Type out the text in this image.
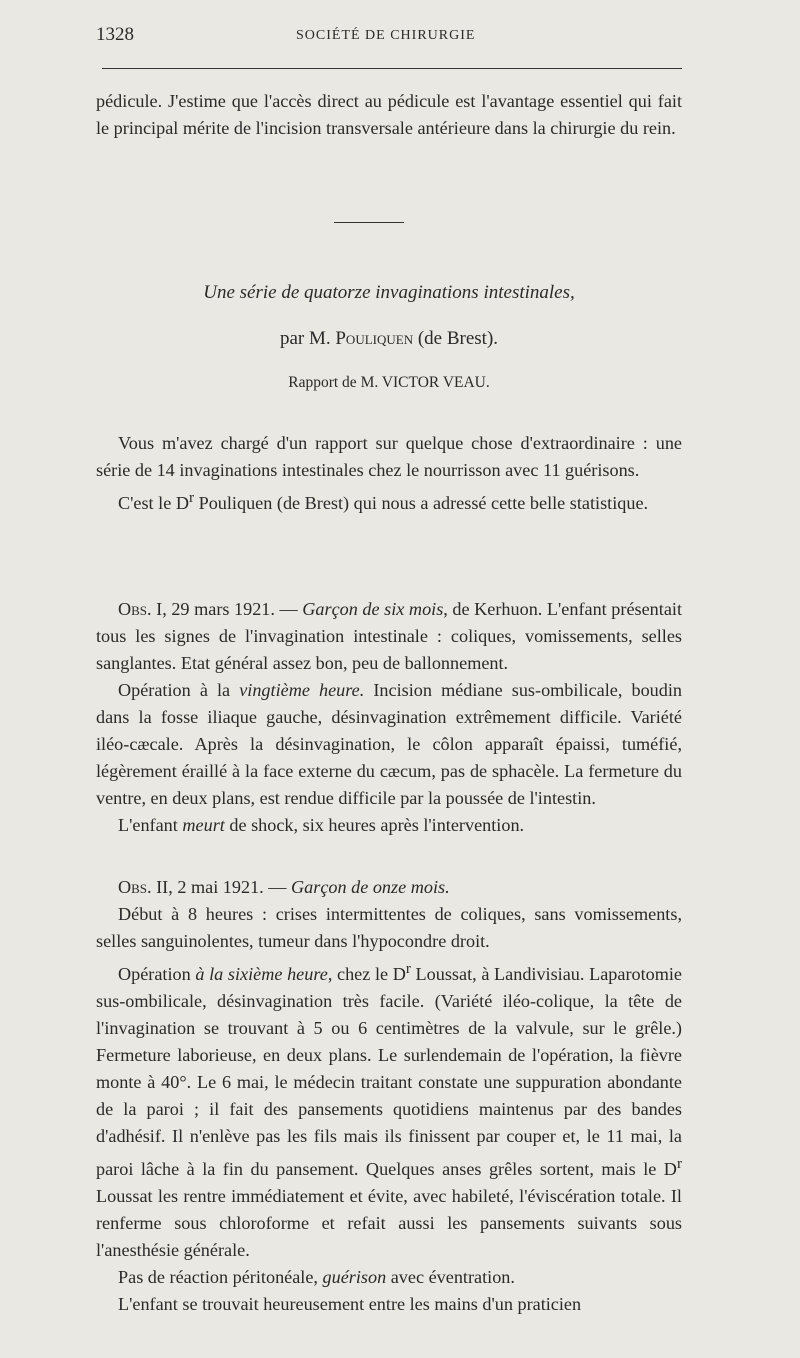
1328	SOCIÉTÉ DE CHIRURGIE

pédicule. J'estime que l'accès direct au pédicule est l'avantage essentiel qui fait le principal mérite de l'incision transversale antérieure dans la chirurgie du rein.

Une série de quatorze invaginations intestinales,
par M. Pouliquen (de Brest).
Rapport de M. VICTOR VEAU.

Vous m'avez chargé d'un rapport sur quelque chose d'extraordinaire : une série de 14 invaginations intestinales chez le nourrisson avec 11 guérisons.

C'est le $D^r$ Pouliquen (de Brest) qui nous a adressé cette belle statistique.

Obs. I, 29 mars 1921. — Garçon de six mois, de Kerhuon. L'enfant présentait tous les signes de l'invagination intestinale : coliques, vomissements, selles sanglantes. Etat général assez bon, peu de ballonnement.

Opération à la vingtième heure. Incision médiane sus-ombilicale, boudin dans la fosse iliaque gauche, désinvagination extrêmement difficile. Variété iléo-cæcale. Après la désinvagination, le côlon apparaît épaissi, tuméfié, légèrement éraillé à la face externe du cæcum, pas de sphacèle. La fermeture du ventre, en deux plans, est rendue difficile par la poussée de l'intestin.

L'enfant meurt de shock, six heures après l'intervention.

Obs. II, 2 mai 1921. — Garçon de onze mois.

Début à 8 heures : crises intermittentes de coliques, sans vomissements, selles sanguinolentes, tumeur dans l'hypocondre droit.

Opération à la sixième heure, chez le $D^r$ Loussat, à Landivisiau. Laparotomie sus-ombilicale, désinvagination très facile. (Variété iléo-colique, la tête de l'invagination se trouvant à 5 ou 6 centimètres de la valvule, sur le grêle.) Fermeture laborieuse, en deux plans. Le surlendemain de l'opération, la fièvre monte à 40°. Le 6 mai, le médecin traitant constate une suppuration abondante de la paroi ; il fait des pansements quotidiens maintenus par des bandes d'adhésif. Il n'enlève pas les fils mais ils finissent par couper et, le 11 mai, la paroi lâche à la fin du pansement. Quelques anses grêles sortent, mais le $D^r$ Loussat les rentre immédiatement et évite, avec habileté, l'éviscération totale. Il renferme sous chloroforme et refait aussi les pansements suivants sous l'anesthésie générale.

Pas de réaction péritonéale, guérison avec éventration.

L'enfant se trouvait heureusement entre les mains d'un praticien
